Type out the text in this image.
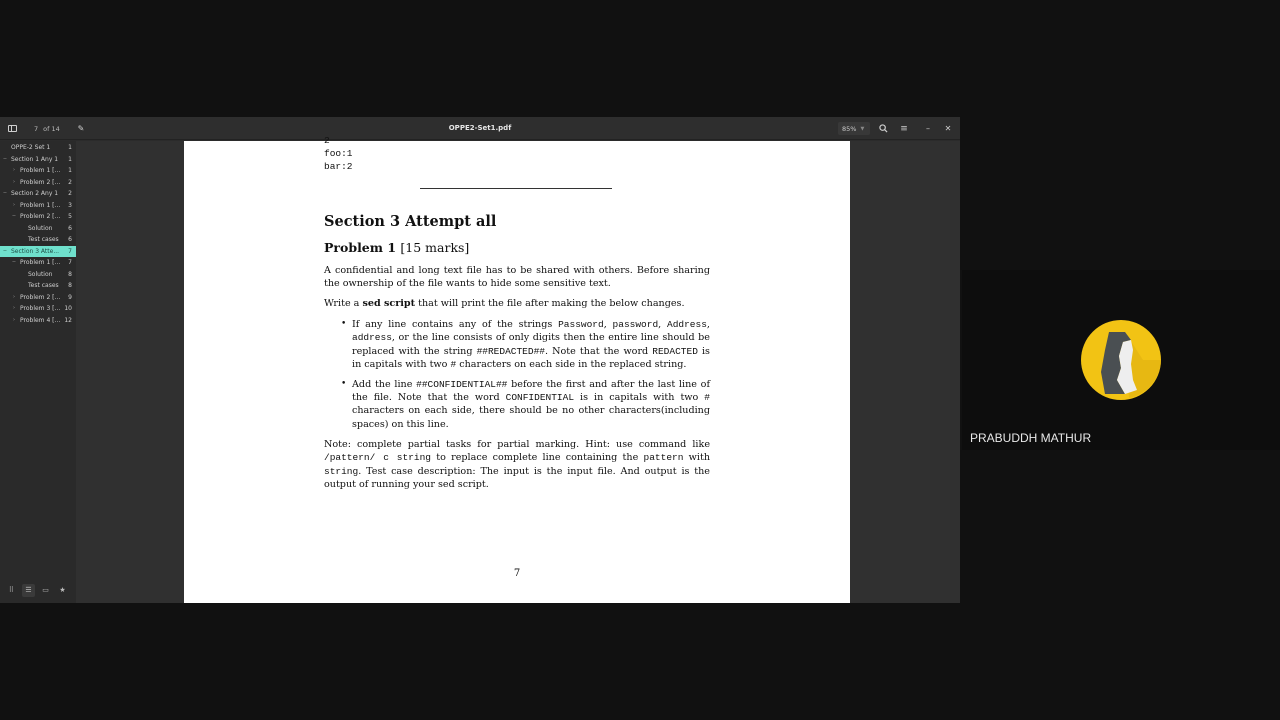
7 of 14 ✎	OPPE2-Set1.pdf	85% ▼	≡ – ✕
OPPE-2 Set 1	1
− Section 1 Any 1 1
› Problem 1 [... 1
› Problem 2 [... 2
− Section 2 Any 1 2
› Problem 1 [... 3
− Problem 2 [... 5
Solution	6
Test cases 6
− Section 3 Atte... 7
− Problem 1 [... 7
Solution	8
Test cases 8
› Problem 2 [... 9
› Problem 3 [... 10
› Problem 4 [... 12
⠿ ☰ ▭ ★
2
foo:1
bar:2
Section 3 Attempt all
Problem 1 [15 marks]

A confidential and long text file has to be shared with others. Before sharing the ownership of the file wants to hide some sensitive text.

Write a sed script that will print the file after making the below changes.

• If any line contains any of the strings Password, password, Address, address, or the line consists of only digits then the entire line should be replaced with the string ##REDACTED##. Note that the word REDACTED is in capitals with two # characters on each side in the replaced string.

• Add the line ##CONFIDENTIAL## before the first and after the last line of the file. Note that the word CONFIDENTIAL is in capitals with two # characters on each side, there should be no other characters(including spaces) on this line.

Note: complete partial tasks for partial marking. Hint: use command like /pattern/ c string to replace complete line containing the pattern with string. Test case description: The input is the input file. And output is the output of running your sed script.

7
PRABUDDH MATHUR
